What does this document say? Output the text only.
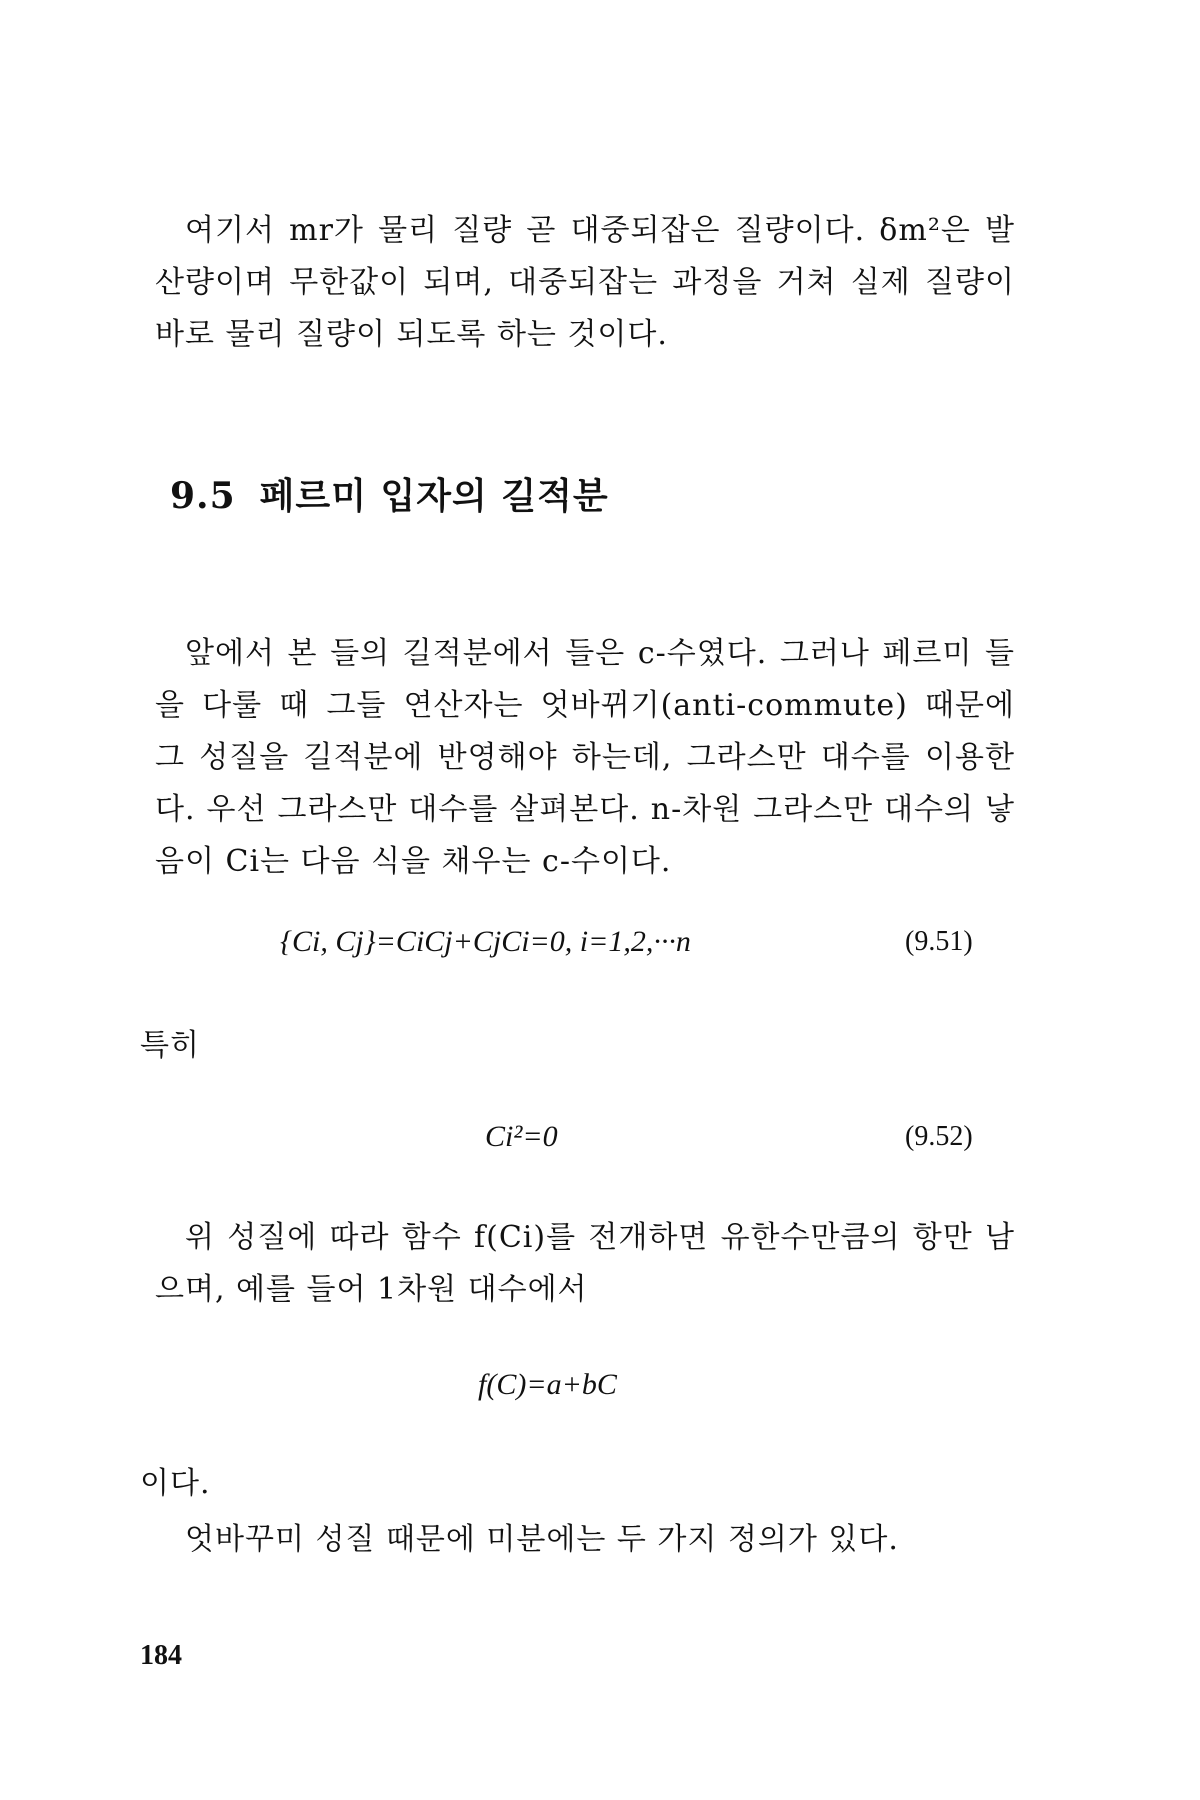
여기서 mr가 물리 질량 곧 대중되잡은 질량이다. δm²은 발산량이며 무한값이 되며, 대중되잡는 과정을 거쳐 실제 질량이 바로 물리 질량이 되도록 하는 것이다.

9.5 페르미 입자의 길적분

앞에서 본 들의 길적분에서 들은 c-수였다. 그러나 페르미 들을 다룰 때 그들 연산자는 엇바뀌기(anti-commute) 때문에 그 성질을 길적분에 반영해야 하는데, 그라스만 대수를 이용한다. 우선 그라스만 대수를 살펴본다. n-차원 그라스만 대수의 낳음이 Ci는 다음 식을 채우는 c-수이다.

{Ci, Cj}=CiCj+CjCi=0, i=1,2,···n	(9.51)

특히

Ci²=0	(9.52)

위 성질에 따라 함수 f(Ci)를 전개하면 유한수만큼의 항만 남으며, 예를 들어 1차원 대수에서

f(C)=a+bC

이다.

엇바꾸미 성질 때문에 미분에는 두 가지 정의가 있다.

184
